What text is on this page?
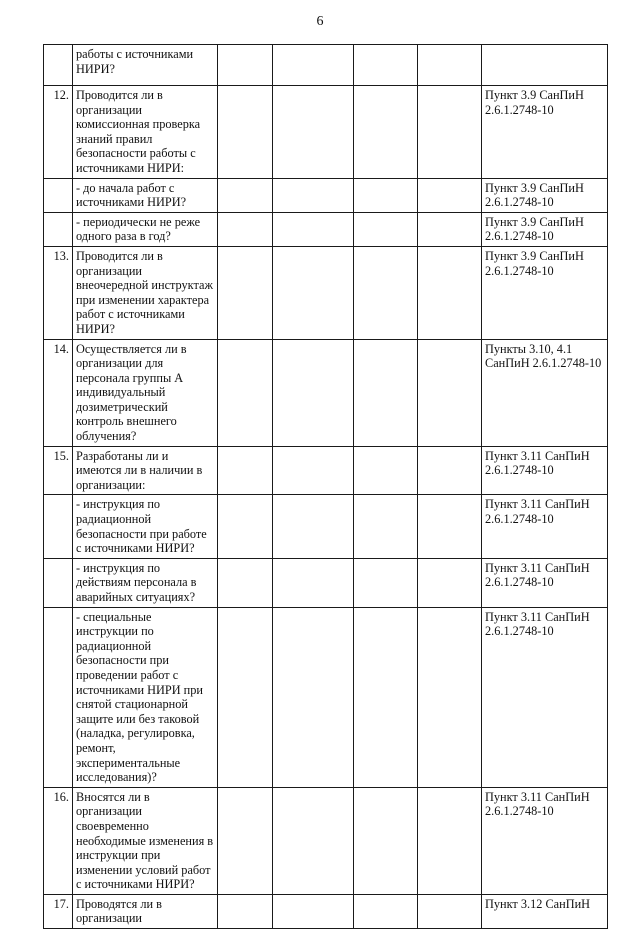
6
	работы с источниками НИРИ?					
12.	Проводится ли в организации комиссионная проверка знаний правил безопасности работы с источниками НИРИ:					Пункт 3.9 СанПиН 2.6.1.2748-10
	- до начала работ с источниками НИРИ?					Пункт 3.9 СанПиН 2.6.1.2748-10
	- периодически не реже одного раза в год?					Пункт 3.9 СанПиН 2.6.1.2748-10
13.	Проводится ли в организации внеочередной инструктаж при изменении характера работ с источниками НИРИ?					Пункт 3.9 СанПиН 2.6.1.2748-10
14.	Осуществляется ли в организации для персонала группы А индивидуальный дозиметрический контроль внешнего облучения?					Пункты 3.10, 4.1 СанПиН 2.6.1.2748-10
15.	Разработаны ли и имеются ли в наличии в организации:					Пункт 3.11 СанПиН 2.6.1.2748-10
	- инструкция по радиационной безопасности при работе с источниками НИРИ?					Пункт 3.11 СанПиН 2.6.1.2748-10
	- инструкция по действиям персонала в аварийных ситуациях?					Пункт 3.11 СанПиН 2.6.1.2748-10
	- специальные инструкции по радиационной безопасности при проведении работ с источниками НИРИ при снятой стационарной защите или без таковой (наладка, регулировка, ремонт, экспериментальные исследования)?					Пункт 3.11 СанПиН 2.6.1.2748-10
16.	Вносятся ли в организации своевременно необходимые изменения в инструкции при изменении условий работ с источниками НИРИ?					Пункт 3.11 СанПиН 2.6.1.2748-10
17.	Проводятся ли в организации					Пункт 3.12 СанПиН
